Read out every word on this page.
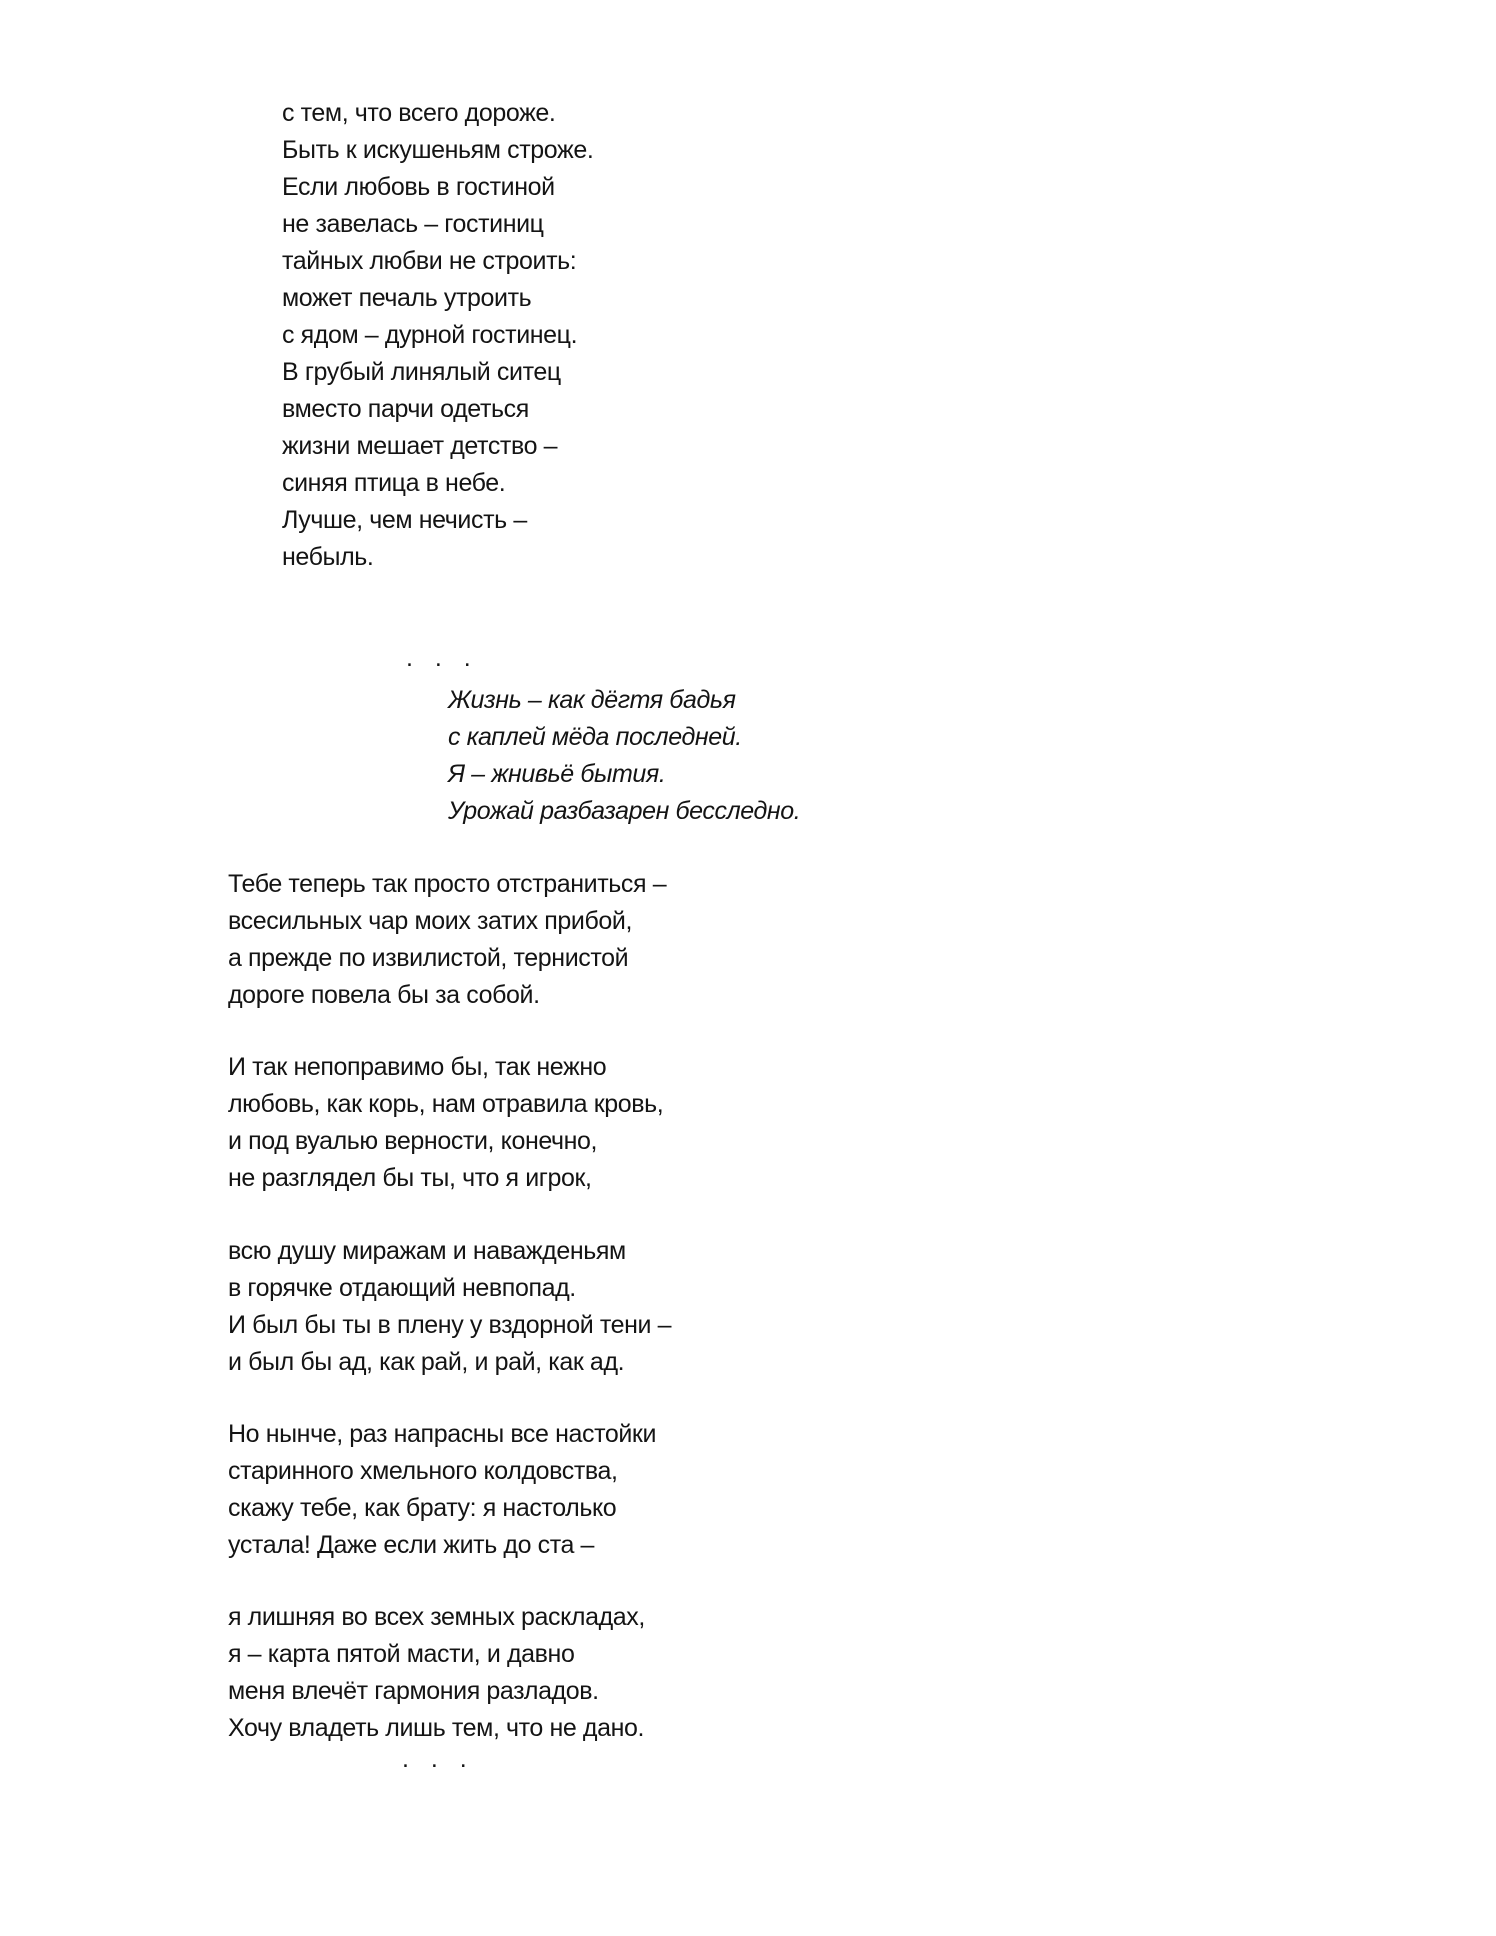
с тем, что всего дороже.
Быть к искушеньям строже.
Если любовь в гостиной
не завелась – гостиниц
тайных любви не строить:
может печаль утроить
с ядом – дурной гостинец.
В грубый линялый ситец
вместо парчи одеться
жизни мешает детство –
синяя птица в небе.
Лучше, чем нечисть –
небыль.
. . .
Жизнь – как дёгтя бадья
с каплей мёда последней.
Я – жнивьё бытия.
Урожай разбазарен бесследно.
Тебе теперь так просто отстраниться –
всесильных чар моих затих прибой,
а прежде по извилистой, тернистой
дороге повела бы за собой.
И так непоправимо бы, так нежно
любовь, как корь, нам отравила кровь,
и под вуалью верности, конечно,
не разглядел бы ты, что я игрок,
всю душу миражам и наважденьям
в горячке отдающий невпопад.
И был бы ты в плену у вздорной тени –
и был бы ад, как рай, и рай, как ад.
Но нынче, раз напрасны все настойки
старинного хмельного колдовства,
скажу тебе, как брату: я настолько
устала! Даже если жить до ста –
я лишняя во всех земных раскладах,
я – карта пятой масти, и давно
меня влечёт гармония разладов.
Хочу владеть лишь тем, что не дано.
. . .
